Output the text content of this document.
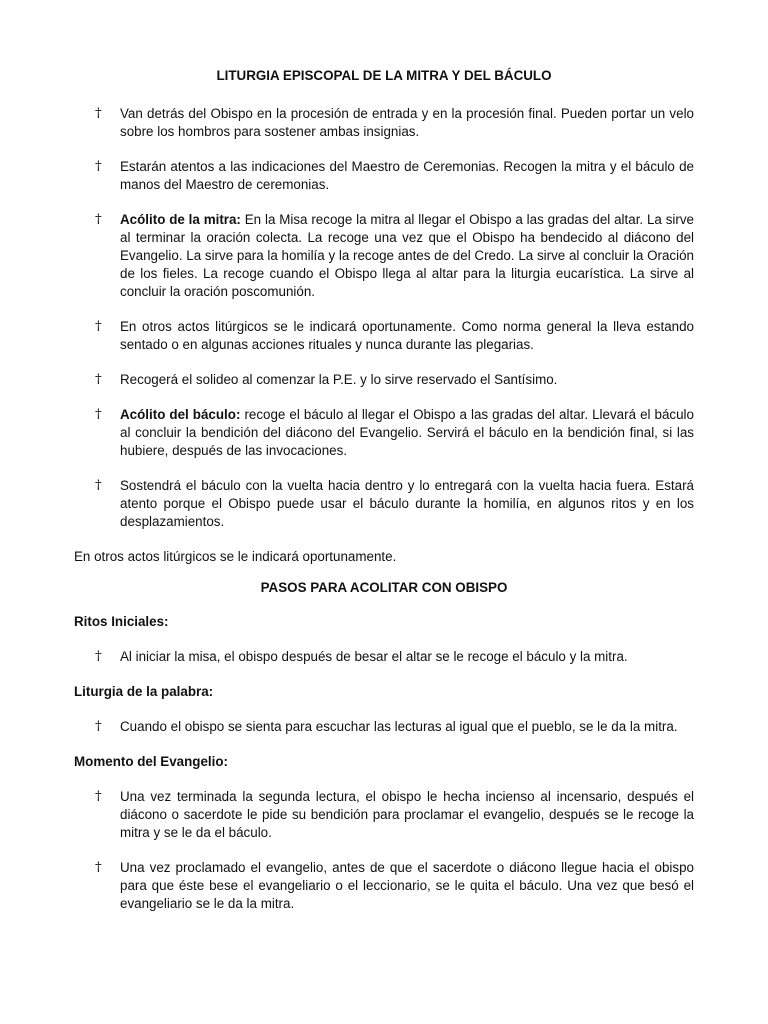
LITURGIA EPISCOPAL DE LA MITRA Y DEL BÁCULO
†	Van detrás del Obispo en la procesión de entrada y en la procesión final. Pueden portar un velo sobre los hombros para sostener ambas insignias.
†	Estarán atentos a las indicaciones del Maestro de Ceremonias. Recogen la mitra y el báculo de manos del Maestro de ceremonias.
†	Acólito de la mitra: En la Misa recoge la mitra al llegar el Obispo a las gradas del altar. La sirve al terminar la oración colecta. La recoge una vez que el Obispo ha bendecido al diácono del Evangelio. La sirve para la homilía y la recoge antes de del Credo. La sirve al concluir la Oración de los fieles. La recoge cuando el Obispo llega al altar para la liturgia eucarística. La sirve al concluir la oración poscomunión.
†	En otros actos litúrgicos se le indicará oportunamente. Como norma general la lleva estando sentado o en algunas acciones rituales y nunca durante las plegarias.
†	Recogerá el solideo al comenzar la P.E. y lo sirve reservado el Santísimo.
†	Acólito del báculo: recoge el báculo al llegar el Obispo a las gradas del altar. Llevará el báculo al concluir la bendición del diácono del Evangelio. Servirá el báculo en la bendición final, si las hubiere, después de las invocaciones.
†	Sostendrá el báculo con la vuelta hacia dentro y lo entregará con la vuelta hacia fuera. Estará atento porque el Obispo puede usar el báculo durante la homilía, en algunos ritos y en los desplazamientos.
En otros actos litúrgicos se le indicará oportunamente.
PASOS PARA ACOLITAR CON OBISPO
Ritos Iniciales:
†	Al iniciar la misa, el obispo después de besar el altar se le recoge el báculo y la mitra.
Liturgia de la palabra:
†	Cuando el obispo se sienta para escuchar las lecturas al igual que el pueblo, se le da la mitra.
Momento del Evangelio:
†	Una vez terminada la segunda lectura, el obispo le hecha incienso al incensario, después el diácono o sacerdote le pide su bendición para proclamar el evangelio, después se le recoge la mitra y se le da el báculo.
†	Una vez proclamado el evangelio, antes de que el sacerdote o diácono llegue hacia el obispo para que éste bese el evangeliario o el leccionario, se le quita el báculo. Una vez que besó el evangeliario se le da la mitra.
